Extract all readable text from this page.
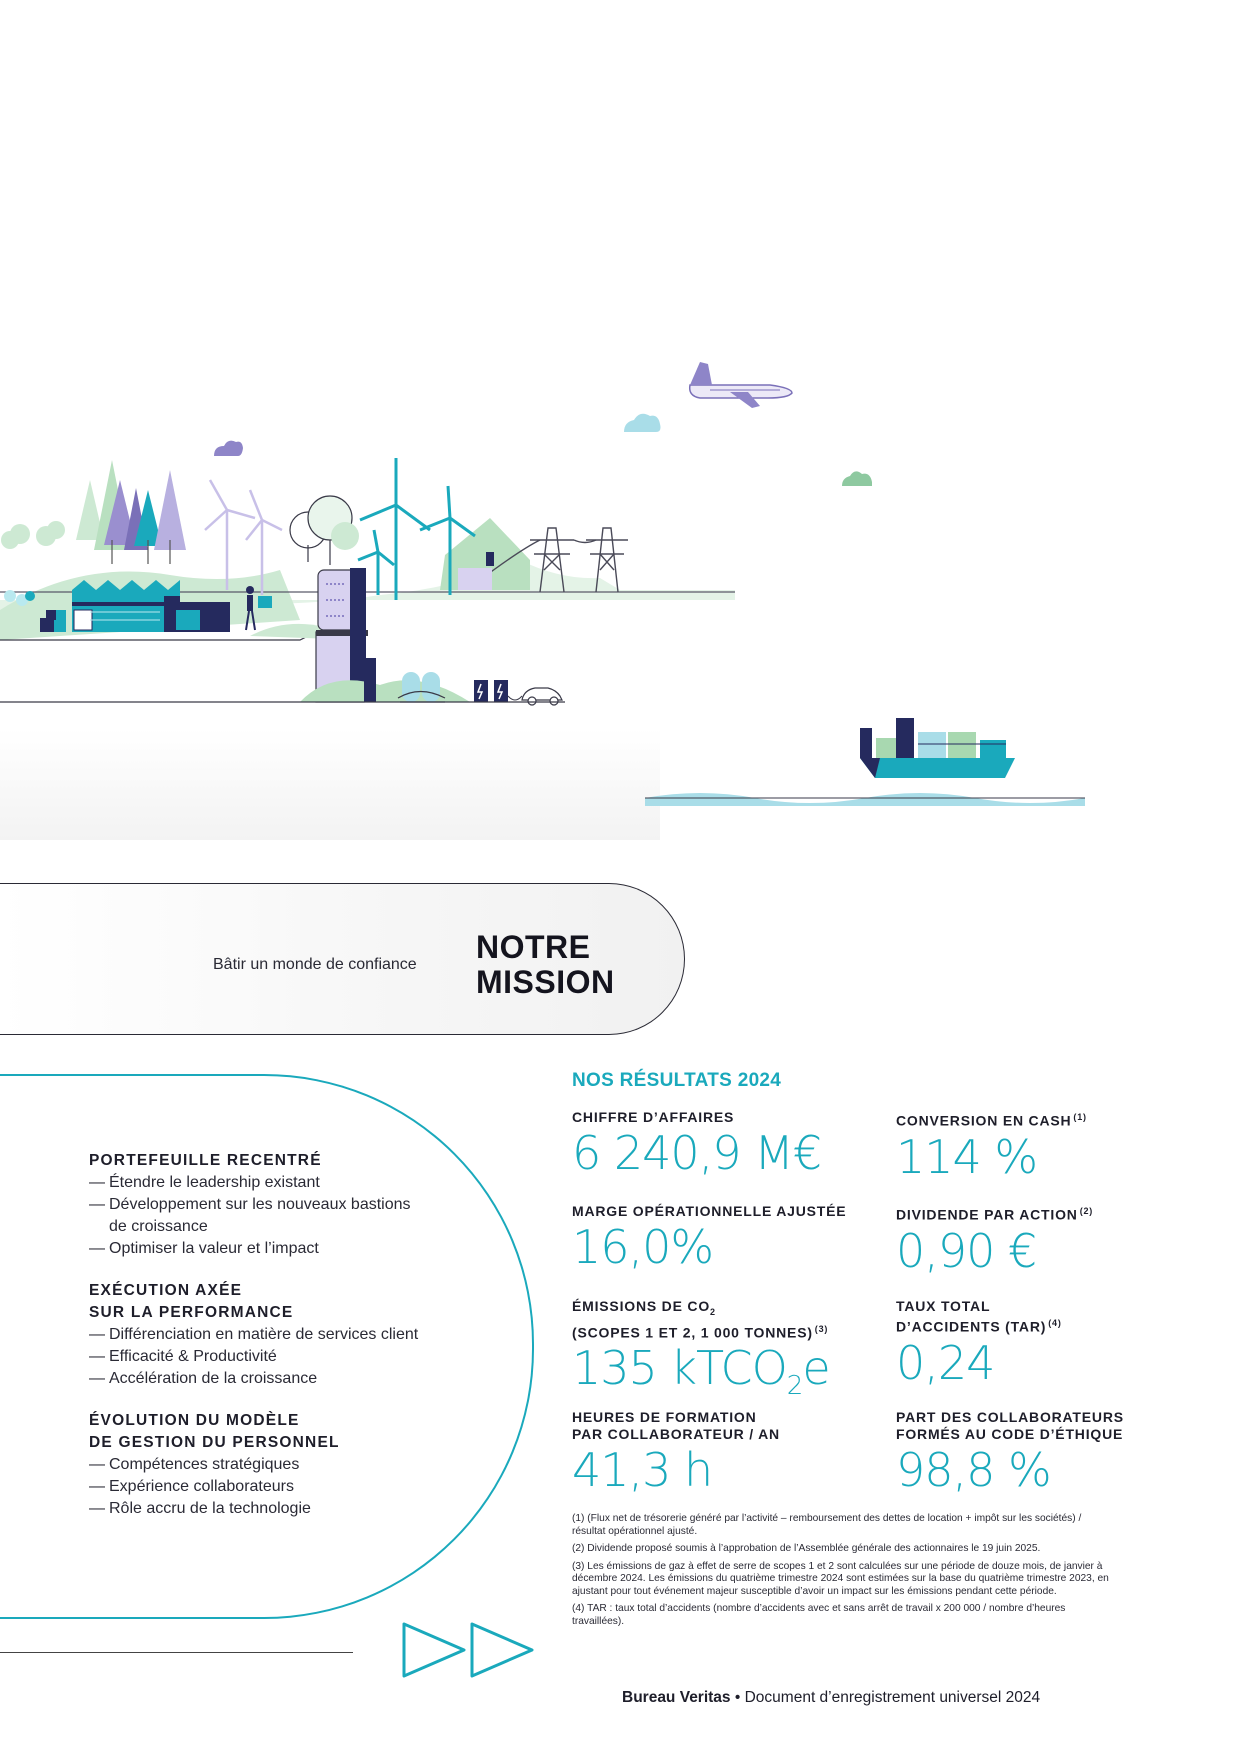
Bâtir un monde de confiance NOTRE
MISSION
PORTEFEUILLE RECENTRÉ
— Étendre le leadership existant
— Développement sur les nouveaux bastions de croissance
— Optimiser la valeur et l’impact
EXÉCUTION AXÉE
SUR LA PERFORMANCE
— Différenciation en matière de services client
— Efficacité & Productivité
— Accélération de la croissance
ÉVOLUTION DU MODÈLE
DE GESTION DU PERSONNEL
— Compétences stratégiques
— Expérience collaborateurs
— Rôle accru de la technologie
NOS RÉSULTATS 2024
CHIFFRE D’AFFAIRES
6 240,9 M€
CONVERSION EN CASH $^{(1)}$
114 %
MARGE OPÉRATIONNELLE AJUSTÉE
16,0%
DIVIDENDE PAR ACTION $^{(2)}$
0,90 €
ÉMISSIONS DE $CO_2$
(SCOPES 1 ET 2, 1 000 TONNES) $^{(3)}$
135 kTCO$_2$e
TAUX TOTAL
D’ACCIDENTS (TAR) $^{(4)}$
0,24
HEURES DE FORMATION
PAR COLLABORATEUR / AN
41,3 h
PART DES COLLABORATEURS
FORMÉS AU CODE D’ÉTHIQUE
98,8 %
(1) (Flux net de trésorerie généré par l’activité – remboursement des dettes de location + impôt sur les sociétés) / résultat opérationnel ajusté.
(2) Dividende proposé soumis à l’approbation de l’Assemblée générale des actionnaires le 19 juin 2025.
(3) Les émissions de gaz à effet de serre de scopes 1 et 2 sont calculées sur une période de douze mois, de janvier à décembre 2024. Les émissions du quatrième trimestre 2024 sont estimées sur la base du quatrième trimestre 2023, en ajustant pour tout événement majeur susceptible d’avoir un impact sur les émissions pendant cette période.
(4) TAR : taux total d’accidents (nombre d’accidents avec et sans arrêt de travail x 200 000 / nombre d’heures travaillées).
Bureau Veritas • Document d’enregistrement universel 2024
